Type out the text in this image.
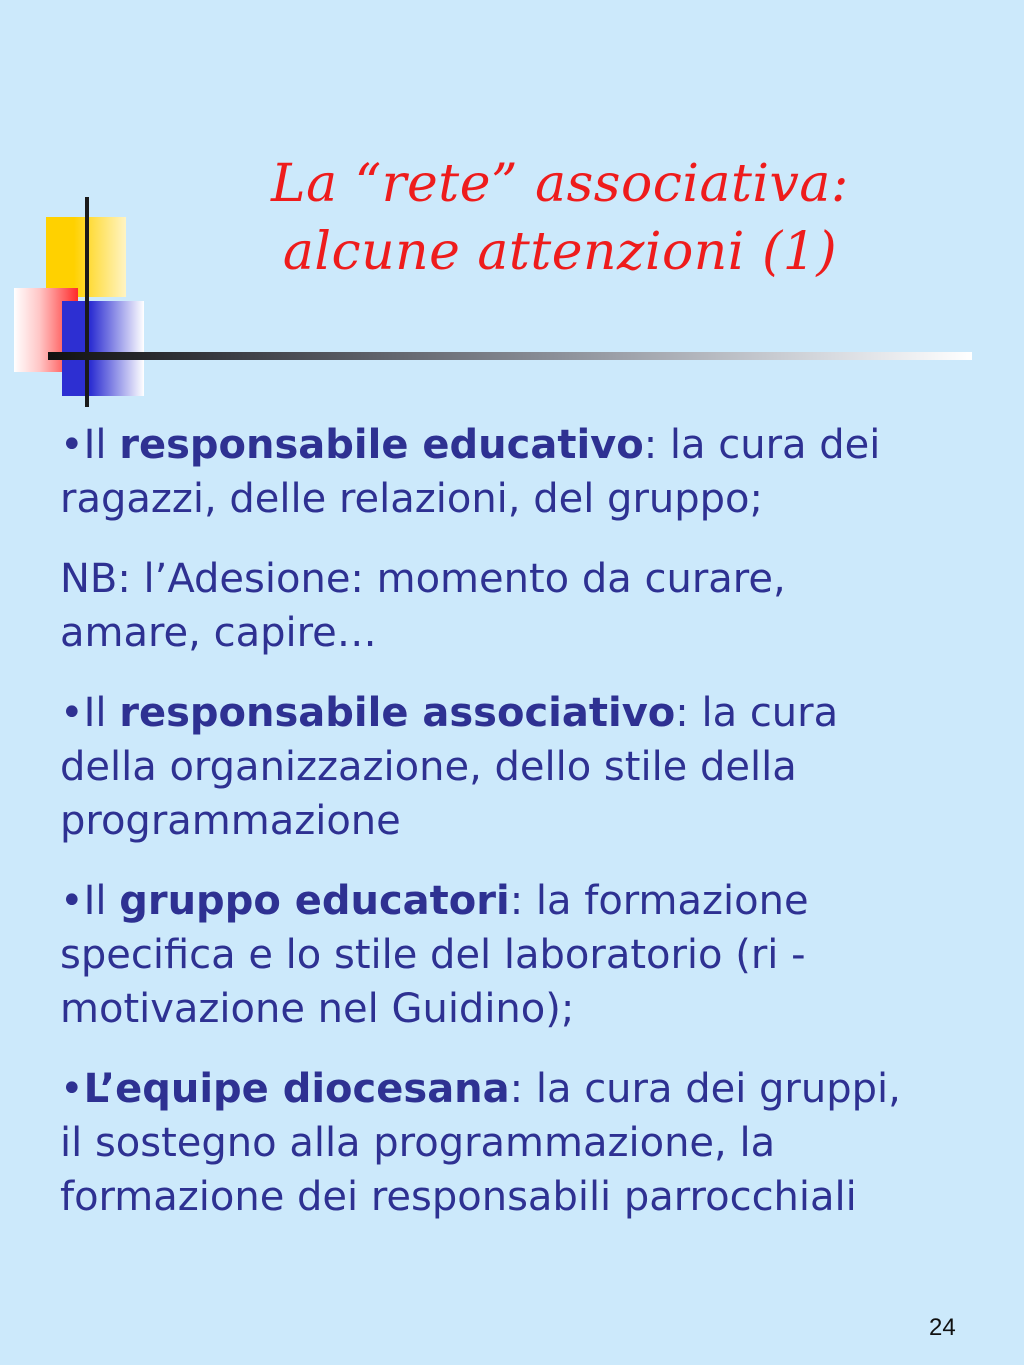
La “rete” associativa:
alcune attenzioni (1)

•Il responsabile educativo: la cura dei ragazzi, delle relazioni, del gruppo;

NB: l’Adesione: momento da curare, amare, capire…

•Il responsabile associativo: la cura della organizzazione, dello stile della programmazione

•Il gruppo educatori: la formazione specifica e lo stile del laboratorio (ri -motivazione nel Guidino);

•L’equipe diocesana: la cura dei gruppi, il sostegno alla programmazione, la formazione dei responsabili parrocchiali

24
